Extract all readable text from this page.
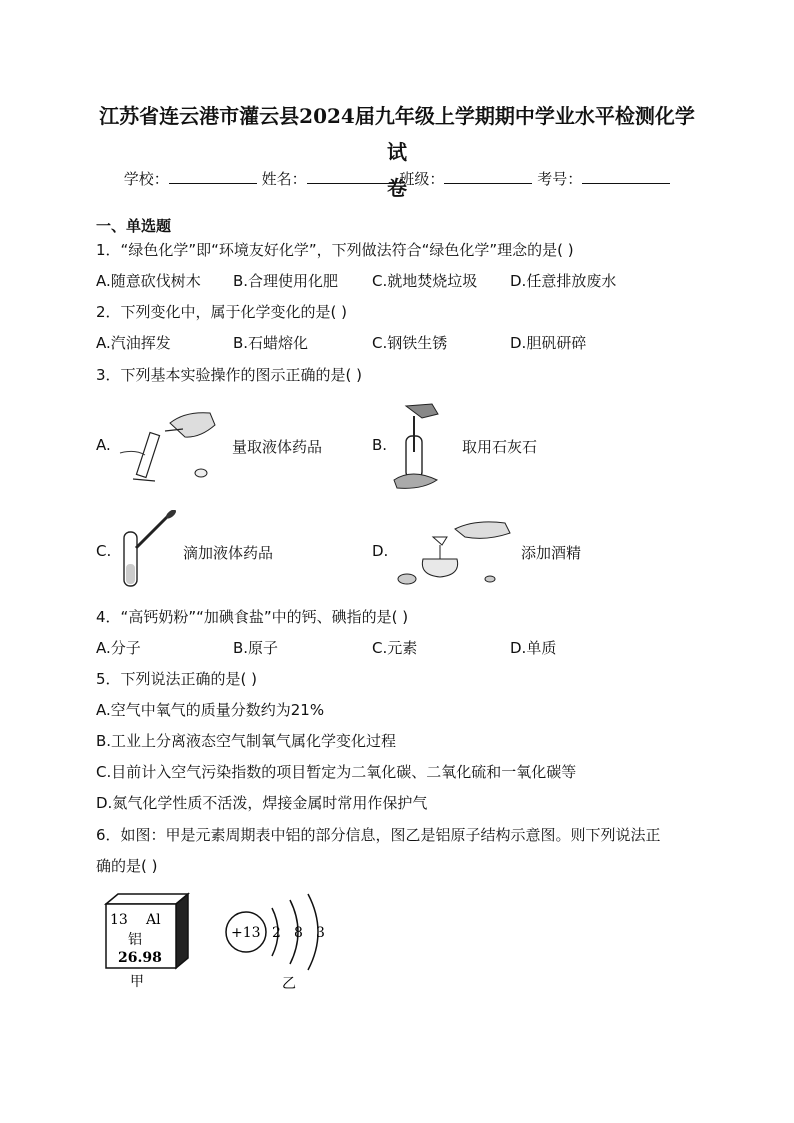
江苏省连云港市灌云县2024届九年级上学期期中学业水平检测化学试
卷
学校：	姓名：	班级：	考号：
一、单选题
1．“绿色化学”即“环境友好化学”，下列做法符合“绿色化学”理念的是( )
A.随意砍伐树木 B.合理使用化肥 C.就地焚烧垃圾 D.任意排放废水
2．下列变化中，属于化学变化的是( )
A.汽油挥发	B.石蜡熔化	C.钢铁生锈	D.胆矾研碎
3．下列基本实验操作的图示正确的是( )
A.	量取液体药品	B.	取用石灰石
C.	滴加液体药品	D.	添加酒精
4．“高钙奶粉”“加碘食盐”中的钙、碘指的是( )
A.分子	B.原子	C.元素	D.单质
5．下列说法正确的是( )
A.空气中氧气的质量分数约为21%
B.工业上分离液态空气制氧气属化学变化过程
C.目前计入空气污染指数的项目暂定为二氧化碳、二氧化硫和一氧化碳等
D.氮气化学性质不活泼，焊接金属时常用作保护气
6．如图：甲是元素周期表中铝的部分信息，图乙是铝原子结构示意图。则下列说法正
确的是( )
13 Al
铝
26.98
甲
+13 2 8 3
乙
